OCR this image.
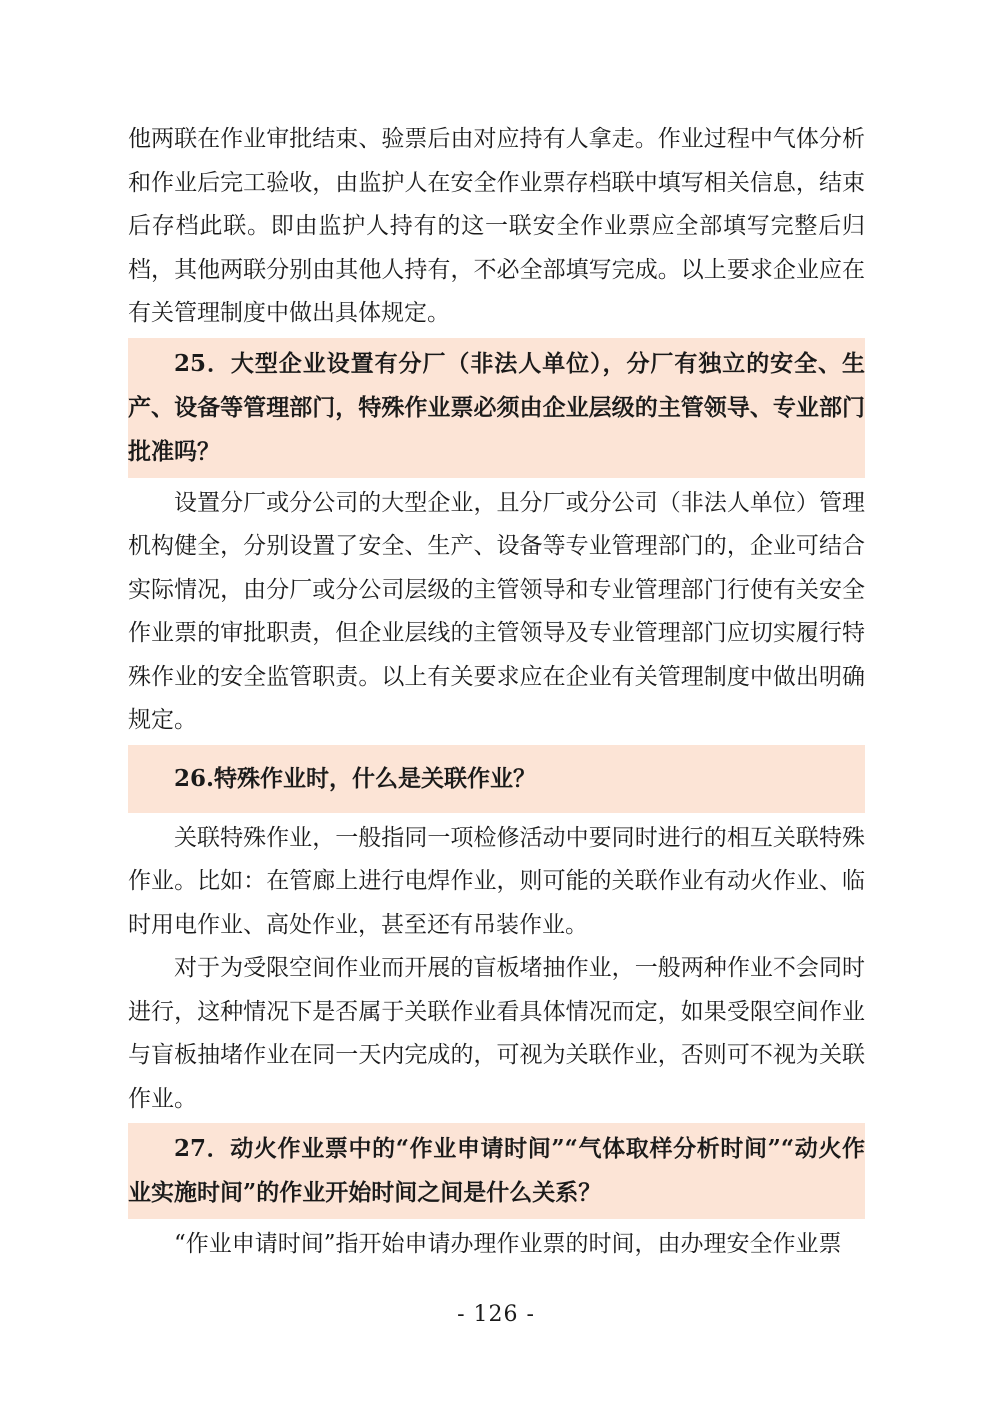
他两联在作业审批结束、验票后由对应持有人拿走。作业过程中气体分析和作业后完工验收，由监护人在安全作业票存档联中填写相关信息，结束后存档此联。即由监护人持有的这一联安全作业票应全部填写完整后归档，其他两联分别由其他人持有，不必全部填写完成。以上要求企业应在有关管理制度中做出具体规定。

25．大型企业设置有分厂（非法人单位），分厂有独立的安全、生产、设备等管理部门，特殊作业票必须由企业层级的主管领导、专业部门批准吗？

设置分厂或分公司的大型企业，且分厂或分公司（非法人单位）管理机构健全，分别设置了安全、生产、设备等专业管理部门的，企业可结合实际情况，由分厂或分公司层级的主管领导和专业管理部门行使有关安全作业票的审批职责，但企业层线的主管领导及专业管理部门应切实履行特殊作业的安全监管职责。以上有关要求应在企业有关管理制度中做出明确规定。

26.特殊作业时，什么是关联作业？

关联特殊作业，一般指同一项检修活动中要同时进行的相互关联特殊作业。比如：在管廊上进行电焊作业，则可能的关联作业有动火作业、临时用电作业、高处作业，甚至还有吊装作业。

对于为受限空间作业而开展的盲板堵抽作业，一般两种作业不会同时进行，这种情况下是否属于关联作业看具体情况而定，如果受限空间作业与盲板抽堵作业在同一天内完成的，可视为关联作业，否则可不视为关联作业。

27．动火作业票中的“作业申请时间”“气体取样分析时间”“动火作业实施时间”的作业开始时间之间是什么关系？

“作业申请时间”指开始申请办理作业票的时间，由办理安全作业票

- 126 -
